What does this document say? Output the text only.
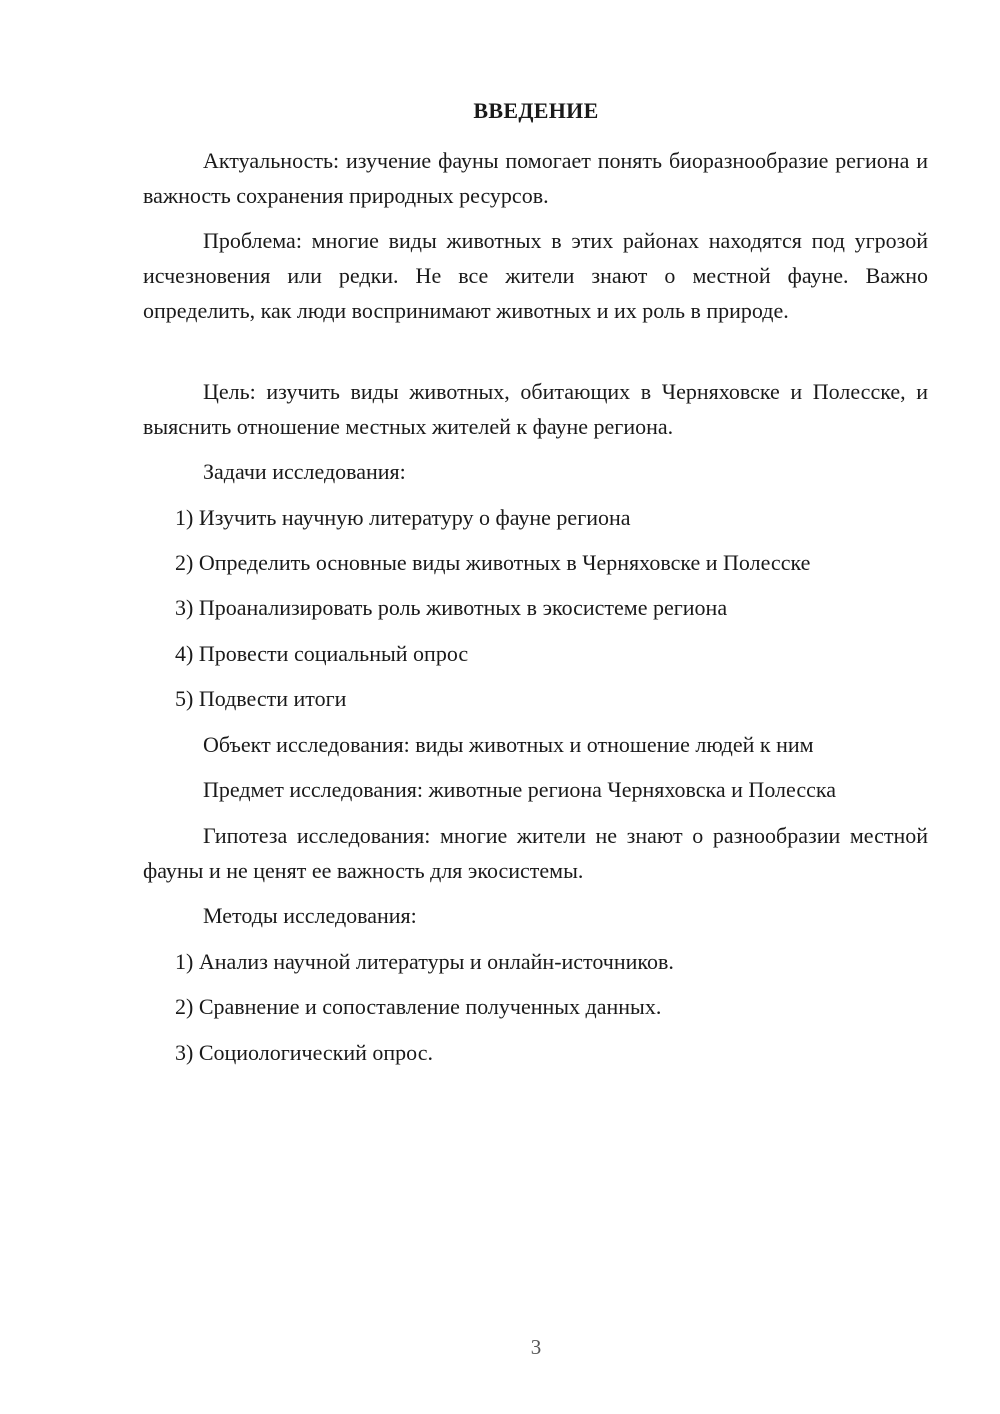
ВВЕДЕНИЕ
Актуальность: изучение фауны помогает понять биоразнообразие региона и важность сохранения природных ресурсов.
Проблема: многие виды животных в этих районах находятся под угрозой исчезновения или редки. Не все жители знают о местной фауне. Важно определить, как люди воспринимают животных и их роль в природе.
Цель: изучить виды животных, обитающих в Черняховске и Полесске, и выяснить отношение местных жителей к фауне региона.
Задачи исследования:
1) Изучить научную литературу о фауне региона
2) Определить основные виды животных в Черняховске и Полесске
3) Проанализировать роль животных в экосистеме региона
4) Провести социальный опрос
5) Подвести итоги
Объект исследования: виды животных и отношение людей к ним
Предмет исследования: животные региона Черняховска и Полесска
Гипотеза исследования: многие жители не знают о разнообразии местной фауны и не ценят ее важность для экосистемы.
Методы исследования:
1) Анализ научной литературы и онлайн-источников.
2) Сравнение и сопоставление полученных данных.
3) Социологический опрос.
3
